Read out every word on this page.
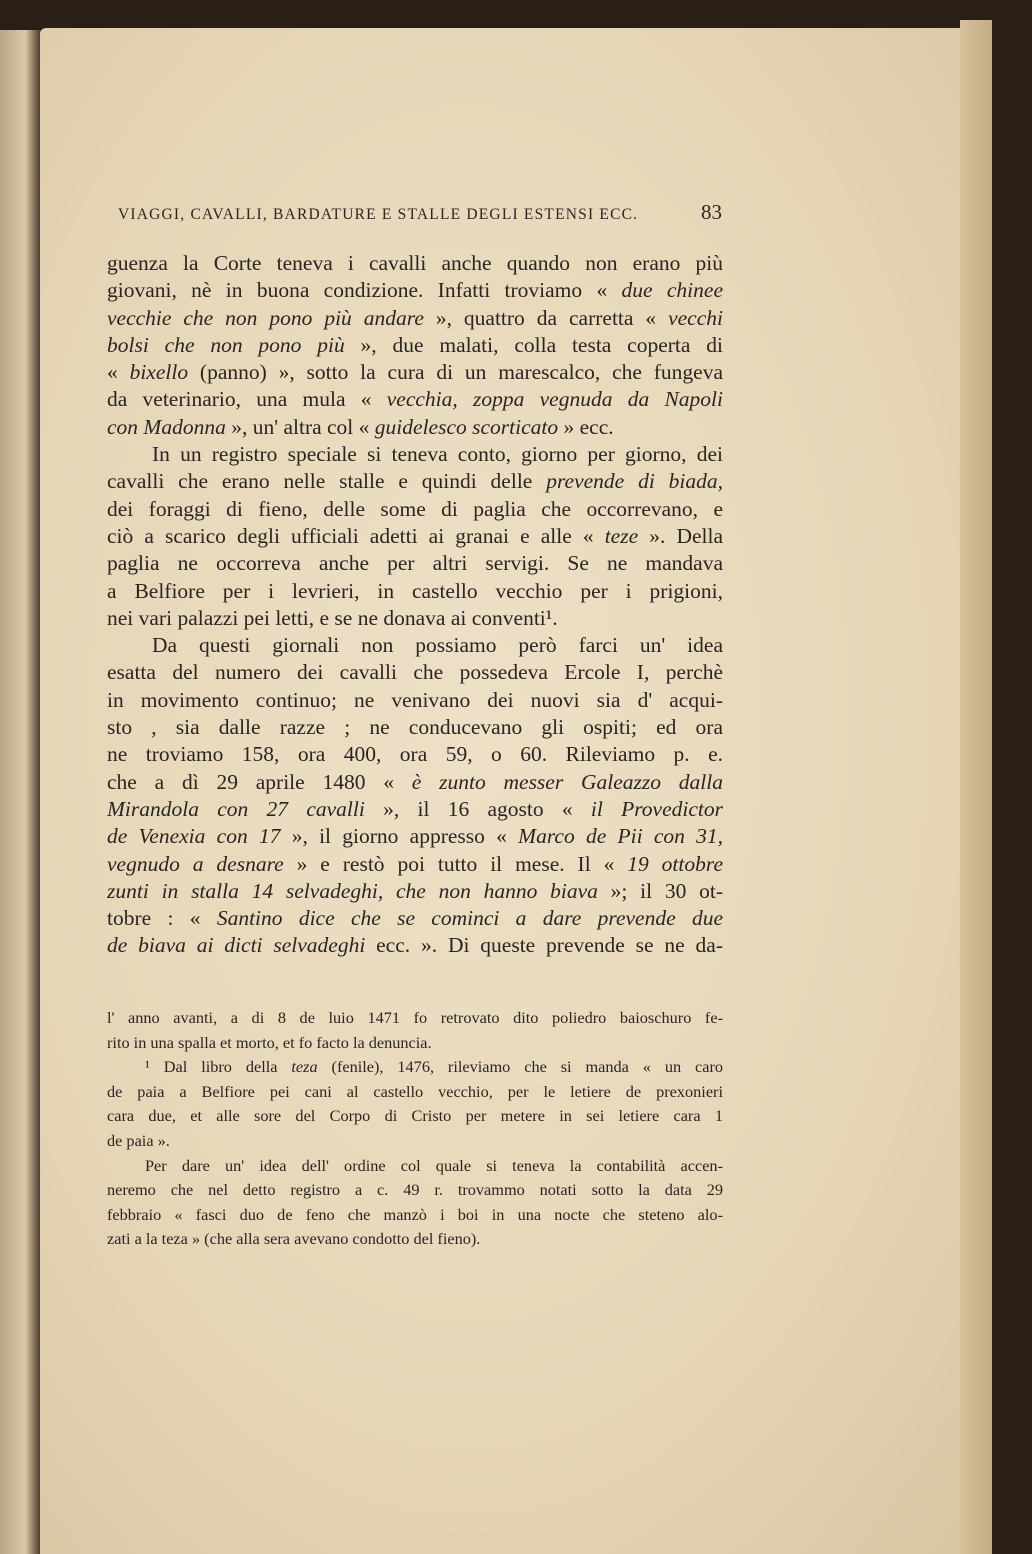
VIAGGI, CAVALLI, BARDATURE E STALLE DEGLI ESTENSI ECC.	83
guenza la Corte teneva i cavalli anche quando non erano più
giovani, nè in buona condizione. Infatti troviamo « due chinee
vecchie che non pono più andare », quattro da carretta « vecchi
bolsi che non pono più », due malati, colla testa coperta di
« bixello (panno) », sotto la cura di un marescalco, che fungeva
da veterinario, una mula « vecchia, zoppa vegnuda da Napoli
con Madonna », un' altra col « guidelesco scorticato » ecc.
In un registro speciale si teneva conto, giorno per giorno, dei
cavalli che erano nelle stalle e quindi delle prevende di biada,
dei foraggi di fieno, delle some di paglia che occorrevano, e
ciò a scarico degli ufficiali adetti ai granai e alle « teze ». Della
paglia ne occorreva anche per altri servigi. Se ne mandava
a Belfiore per i levrieri, in castello vecchio per i prigioni,
nei vari palazzi pei letti, e se ne donava ai conventi¹.
Da questi giornali non possiamo però farci un' idea
esatta del numero dei cavalli che possedeva Ercole I, perchè
in movimento continuo; ne venivano dei nuovi sia d' acqui-
sto , sia dalle razze ; ne conducevano gli ospiti; ed ora
ne troviamo 158, ora 400, ora 59, o 60. Rileviamo p. e.
che a dì 29 aprile 1480 « è zunto messer Galeazzo dalla
Mirandola con 27 cavalli », il 16 agosto « il Provedictor
de Venexia con 17 », il giorno appresso « Marco de Pii con 31,
vegnudo a desnare » e restò poi tutto il mese. Il « 19 ottobre
zunti in stalla 14 selvadeghi, che non hanno biava »; il 30 ot-
tobre : « Santino dice che se cominci a dare prevende due
de biava ai dicti selvadeghi ecc. ». Di queste prevende se ne da-
l' anno avanti, a di 8 de luio 1471 fo retrovato dito poliedro baioschuro fe-
rito in una spalla et morto, et fo facto la denuncia.
¹ Dal libro della teza (fenile), 1476, rileviamo che si manda « un caro
de paia a Belfiore pei cani al castello vecchio, per le letiere de prexonieri
cara due, et alle sore del Corpo di Cristo per metere in sei letiere cara 1
de paia ».
Per dare un' idea dell' ordine col quale si teneva la contabilità accen-
neremo che nel detto registro a c. 49 r. trovammo notati sotto la data 29
febbraio « fasci duo de feno che manzò i boi in una nocte che steteno alo-
zati a la teza » (che alla sera avevano condotto del fieno).
